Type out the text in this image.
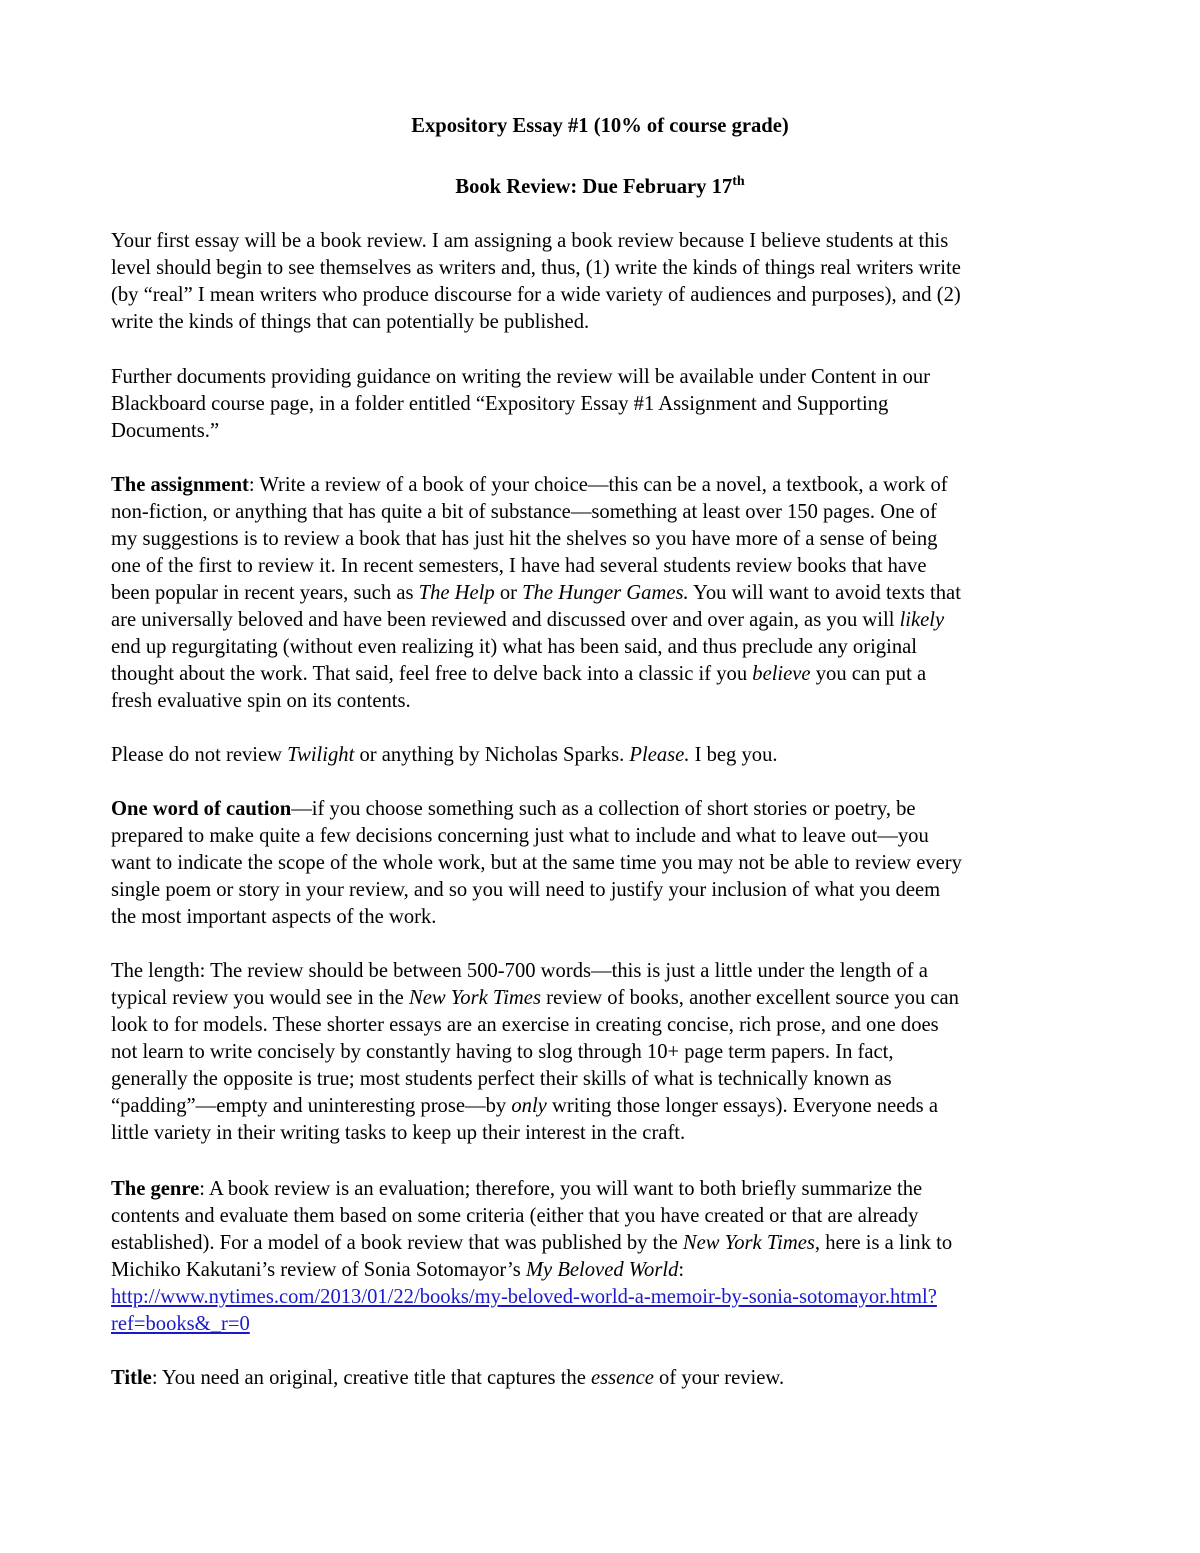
Expository Essay #1 (10% of course grade)
Book Review: Due February 17th
Your first essay will be a book review. I am assigning a book review because I believe students at this
level should begin to see themselves as writers and, thus, (1) write the kinds of things real writers write
(by “real” I mean writers who produce discourse for a wide variety of audiences and purposes), and (2)
write the kinds of things that can potentially be published.
Further documents providing guidance on writing the review will be available under Content in our
Blackboard course page, in a folder entitled “Expository Essay #1 Assignment and Supporting
Documents.”
The assignment: Write a review of a book of your choice—this can be a novel, a textbook, a work of
non-fiction, or anything that has quite a bit of substance—something at least over 150 pages. One of
my suggestions is to review a book that has just hit the shelves so you have more of a sense of being
one of the first to review it. In recent semesters, I have had several students review books that have
been popular in recent years, such as The Help or The Hunger Games. You will want to avoid texts that
are universally beloved and have been reviewed and discussed over and over again, as you will likely
end up regurgitating (without even realizing it) what has been said, and thus preclude any original
thought about the work. That said, feel free to delve back into a classic if you believe you can put a
fresh evaluative spin on its contents.
Please do not review Twilight or anything by Nicholas Sparks. Please. I beg you.
One word of caution—if you choose something such as a collection of short stories or poetry, be
prepared to make quite a few decisions concerning just what to include and what to leave out—you
want to indicate the scope of the whole work, but at the same time you may not be able to review every
single poem or story in your review, and so you will need to justify your inclusion of what you deem
the most important aspects of the work.
The length: The review should be between 500-700 words—this is just a little under the length of a
typical review you would see in the New York Times review of books, another excellent source you can
look to for models. These shorter essays are an exercise in creating concise, rich prose, and one does
not learn to write concisely by constantly having to slog through 10+ page term papers. In fact,
generally the opposite is true; most students perfect their skills of what is technically known as
“padding”—empty and uninteresting prose—by only writing those longer essays). Everyone needs a
little variety in their writing tasks to keep up their interest in the craft.
The genre: A book review is an evaluation; therefore, you will want to both briefly summarize the
contents and evaluate them based on some criteria (either that you have created or that are already
established). For a model of a book review that was published by the New York Times, here is a link to
Michiko Kakutani’s review of Sonia Sotomayor’s My Beloved World:
http://www.nytimes.com/2013/01/22/books/my-beloved-world-a-memoir-by-sonia-sotomayor.html?
ref=books&_r=0
Title: You need an original, creative title that captures the essence of your review.
